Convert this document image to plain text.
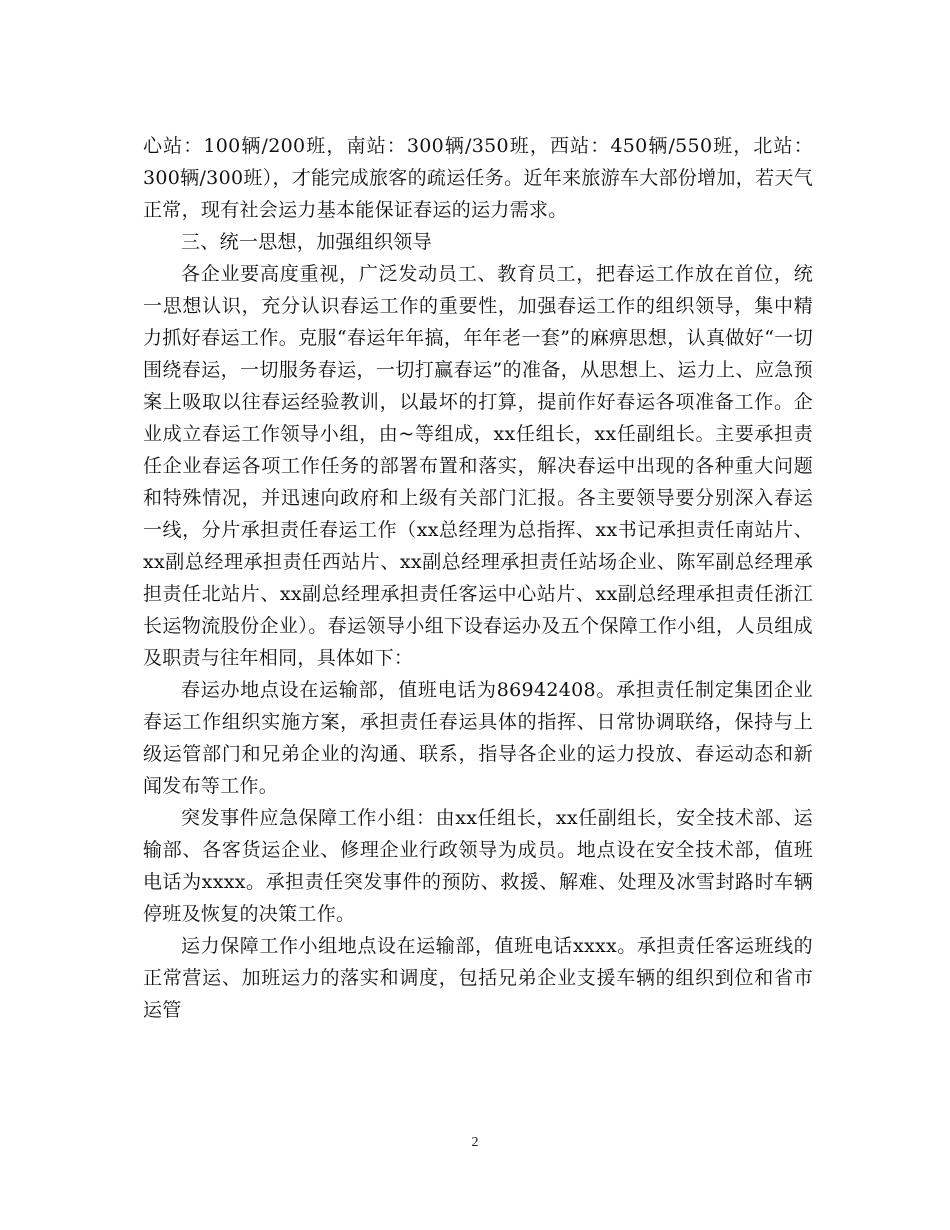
心站：100辆/200班，南站：300辆/350班，西站：450辆/550班，北站：300辆/300班），才能完成旅客的疏运任务。近年来旅游车大部份增加，若天气正常，现有社会运力基本能保证春运的运力需求。

三、统一思想，加强组织领导

各企业要高度重视，广泛发动员工、教育员工，把春运工作放在首位，统一思想认识，充分认识春运工作的重要性，加强春运工作的组织领导，集中精力抓好春运工作。克服“春运年年搞，年年老一套”的麻痹思想，认真做好“一切围绕春运，一切服务春运，一切打赢春运”的准备，从思想上、运力上、应急预案上吸取以往春运经验教训，以最坏的打算，提前作好春运各项准备工作。企业成立春运工作领导小组，由~等组成，xx任组长，xx任副组长。主要承担责任企业春运各项工作任务的部署布置和落实，解决春运中出现的各种重大问题和特殊情况，并迅速向政府和上级有关部门汇报。各主要领导要分别深入春运一线，分片承担责任春运工作（xx总经理为总指挥、xx书记承担责任南站片、xx副总经理承担责任西站片、xx副总经理承担责任站场企业、陈军副总经理承担责任北站片、xx副总经理承担责任客运中心站片、xx副总经理承担责任浙江长运物流股份企业）。春运领导小组下设春运办及五个保障工作小组，人员组成及职责与往年相同，具体如下：

春运办地点设在运输部，值班电话为86942408。承担责任制定集团企业春运工作组织实施方案，承担责任春运具体的指挥、日常协调联络，保持与上级运管部门和兄弟企业的沟通、联系，指导各企业的运力投放、春运动态和新闻发布等工作。

突发事件应急保障工作小组：由xx任组长，xx任副组长，安全技术部、运输部、各客货运企业、修理企业行政领导为成员。地点设在安全技术部，值班电话为xxxx。承担责任突发事件的预防、救援、解难、处理及冰雪封路时车辆停班及恢复的决策工作。

运力保障工作小组地点设在运输部，值班电话xxxx。承担责任客运班线的正常营运、加班运力的落实和调度，包括兄弟企业支援车辆的组织到位和省市运管

2
